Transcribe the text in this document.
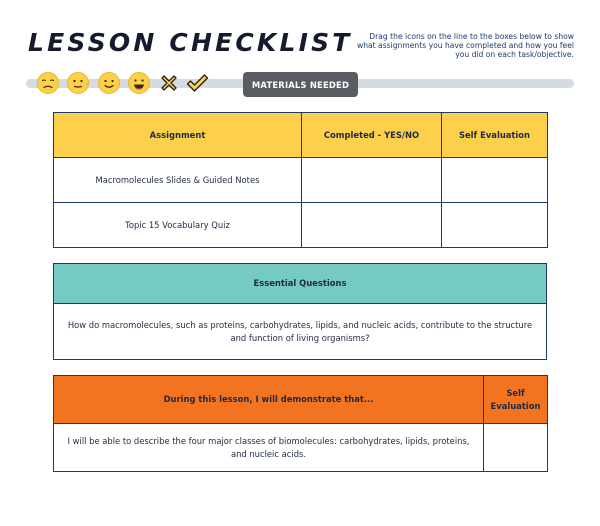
LESSON CHECKLIST	Drag the icons on the line to the boxes below to show what assignments you have completed and how you feel you did on each task/objective.
MATERIALS NEEDED
Assignment	Completed - YES/NO	Self Evaluation
Macromolecules Slides & Guided Notes		
Topic 15 Vocabulary Quiz		
Essential Questions
How do macromolecules, such as proteins, carbohydrates, lipids, and nucleic acids, contribute to the structure and function of living organisms?
During this lesson, I will demonstrate that...	Self Evaluation
I will be able to describe the four major classes of biomolecules: carbohydrates, lipids, proteins, and nucleic acids.	
